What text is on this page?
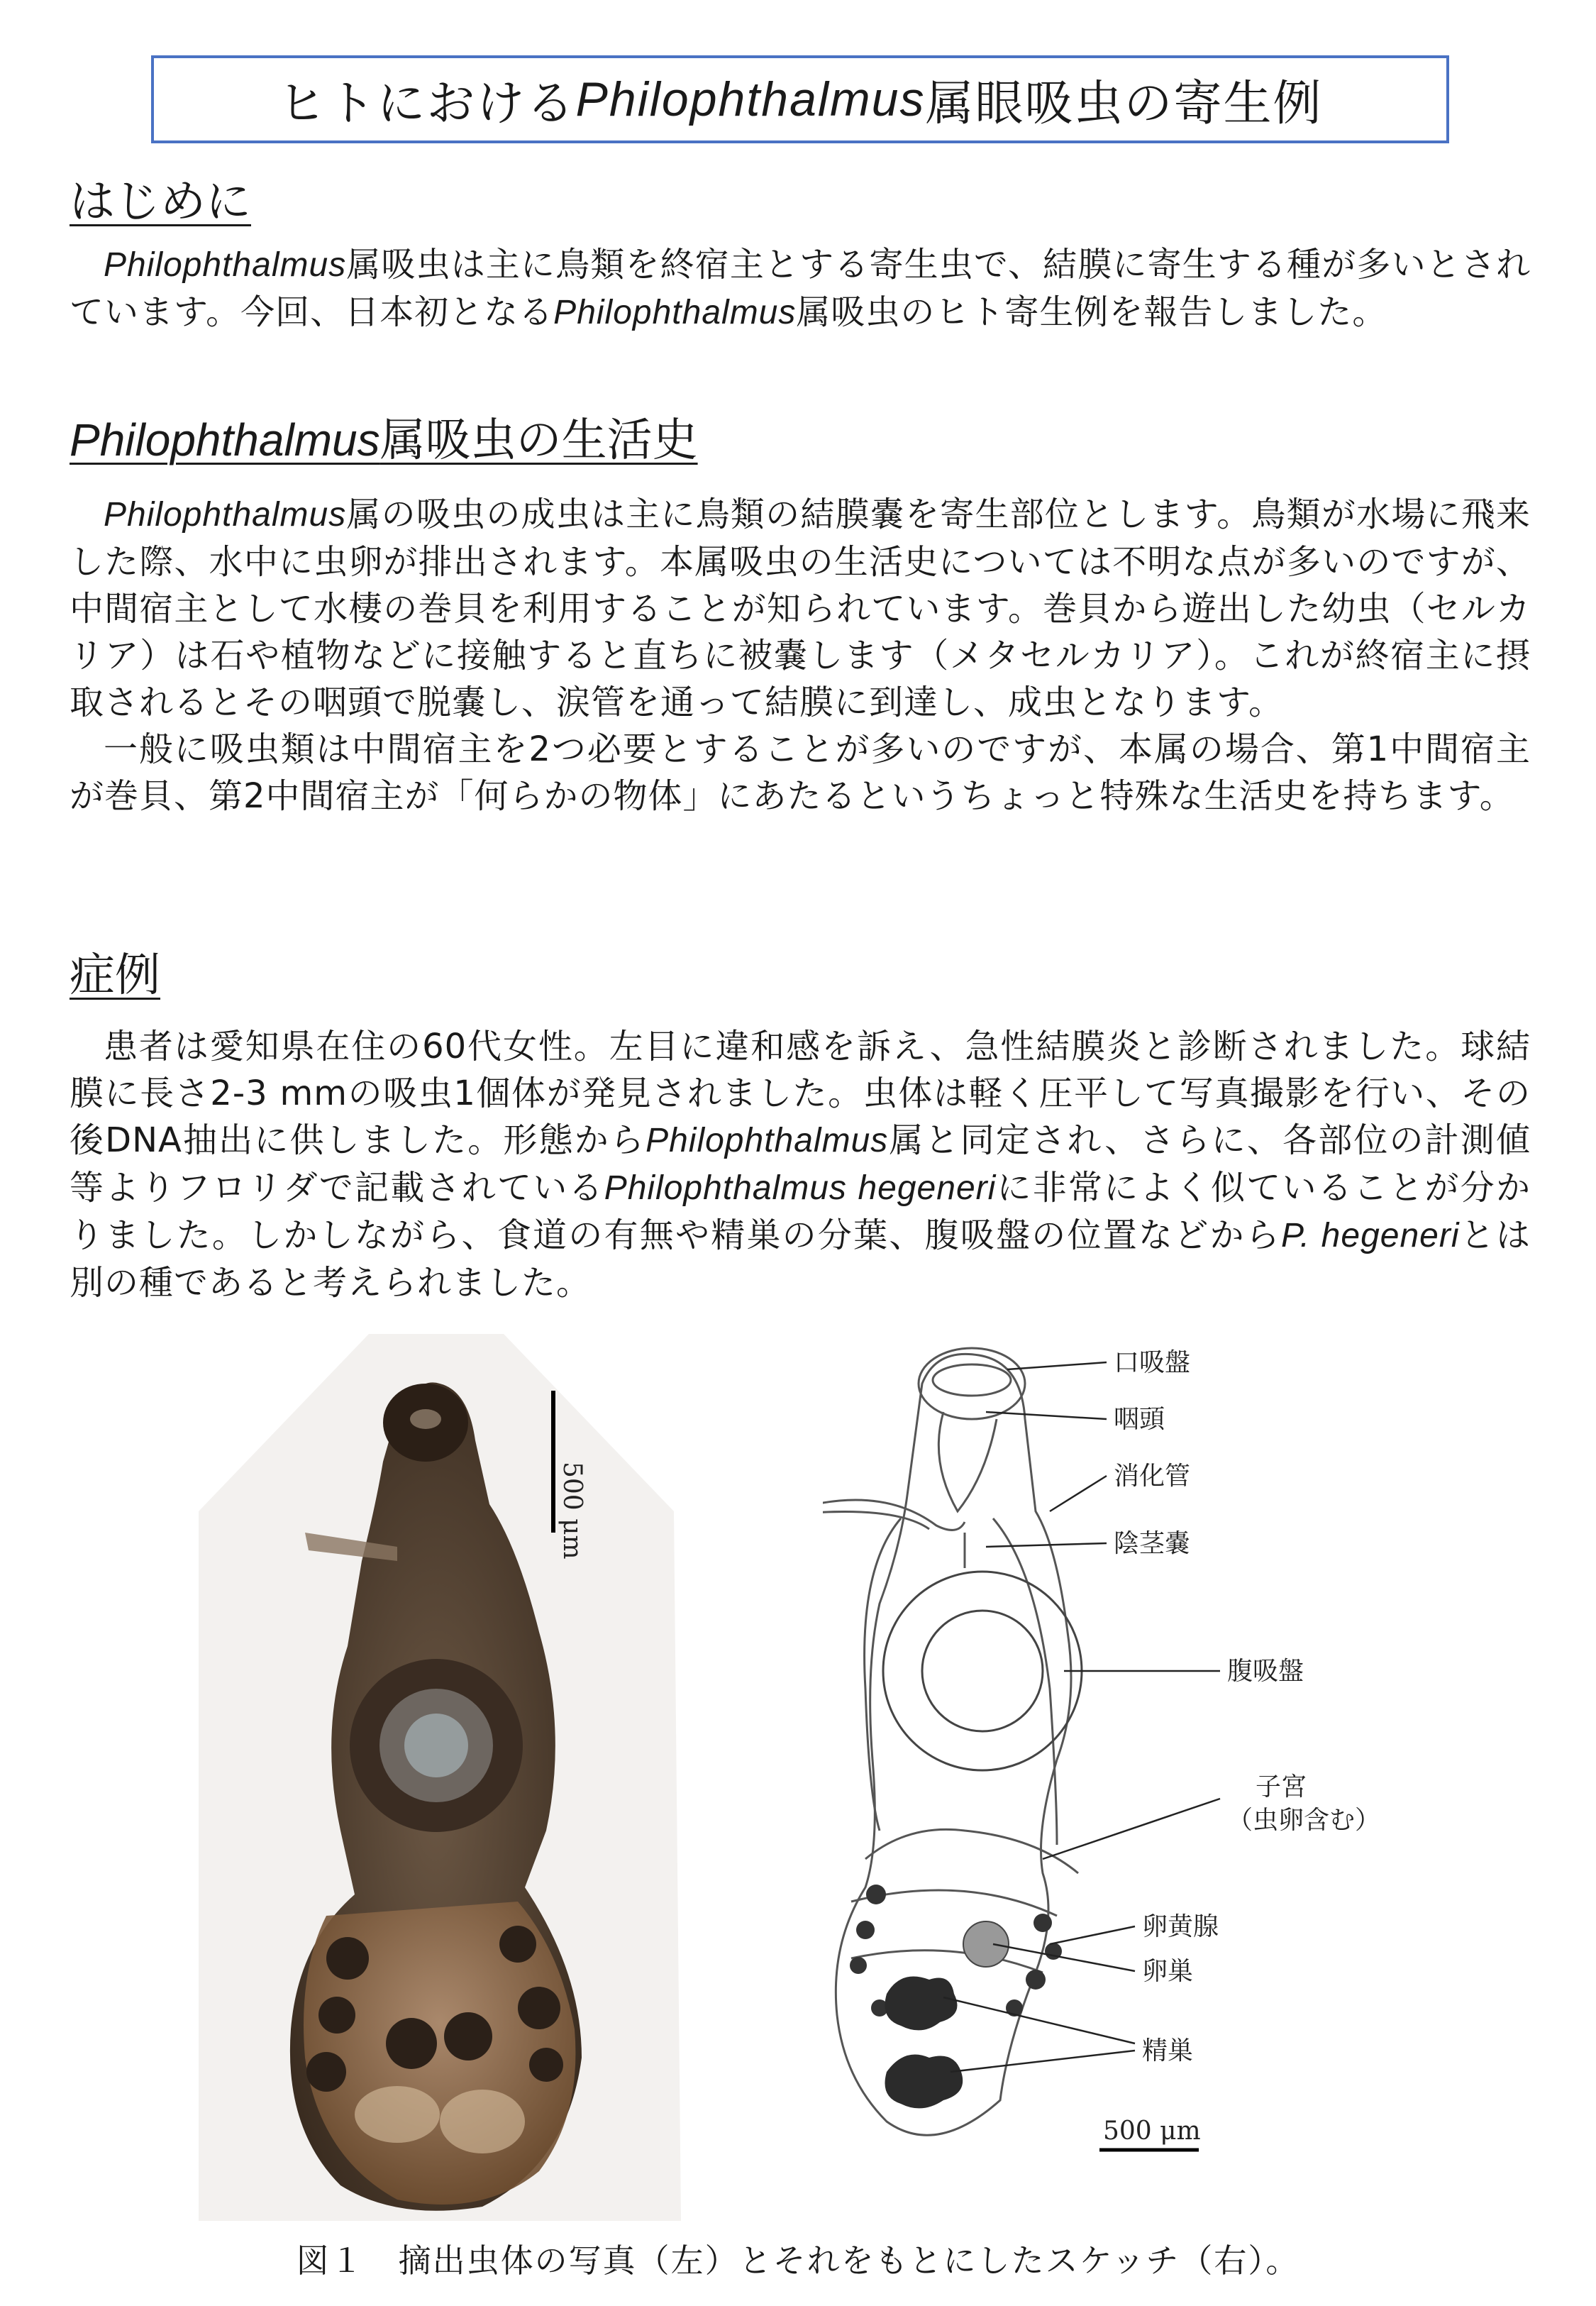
ヒトにおける Philophthalmus 属眼吸虫の寄生例
はじめに

Philophthalmus属吸虫は主に鳥類を終宿主とする寄生虫で、結膜に寄生する種が多いとされています。今回、日本初となるPhilophthalmus属吸虫のヒト寄生例を報告しました。

Philophthalmus属吸虫の生活史

Philophthalmus属の吸虫の成虫は主に鳥類の結膜嚢を寄生部位とします。鳥類が水場に飛来した際、水中に虫卵が排出されます。本属吸虫の生活史については不明な点が多いのですが、中間宿主として水棲の巻貝を利用することが知られています。巻貝から遊出した幼虫（セルカリア）は石や植物などに接触すると直ちに被嚢します（メタセルカリア）。これが終宿主に摂取されるとその咽頭で脱嚢し、涙管を通って結膜に到達し、成虫となります。

一般に吸虫類は中間宿主を2つ必要とすることが多いのですが、本属の場合、第1中間宿主が巻貝、第2中間宿主が「何らかの物体」にあたるというちょっと特殊な生活史を持ちます。

症例

患者は愛知県在住の60代女性。左目に違和感を訴え、急性結膜炎と診断されました。球結膜に長さ2-3 mmの吸虫1個体が発見されました。虫体は軽く圧平して写真撮影を行い、その後DNA抽出に供しました。形態からPhilophthalmus属と同定され、さらに、各部位の計測値等よりフロリダで記載されているPhilophthalmus hegeneriに非常によく似ていることが分かりました。しかしながら、食道の有無や精巣の分葉、腹吸盤の位置などからP. hegeneriとは別の種であると考えられました。

500 μm
口吸盤
咽頭
消化管
陰茎嚢
腹吸盤
子宮
（虫卵含む）
卵黄腺
卵巣
精巣
500 μm
図１　摘出虫体の写真（左）とそれをもとにしたスケッチ（右）。
